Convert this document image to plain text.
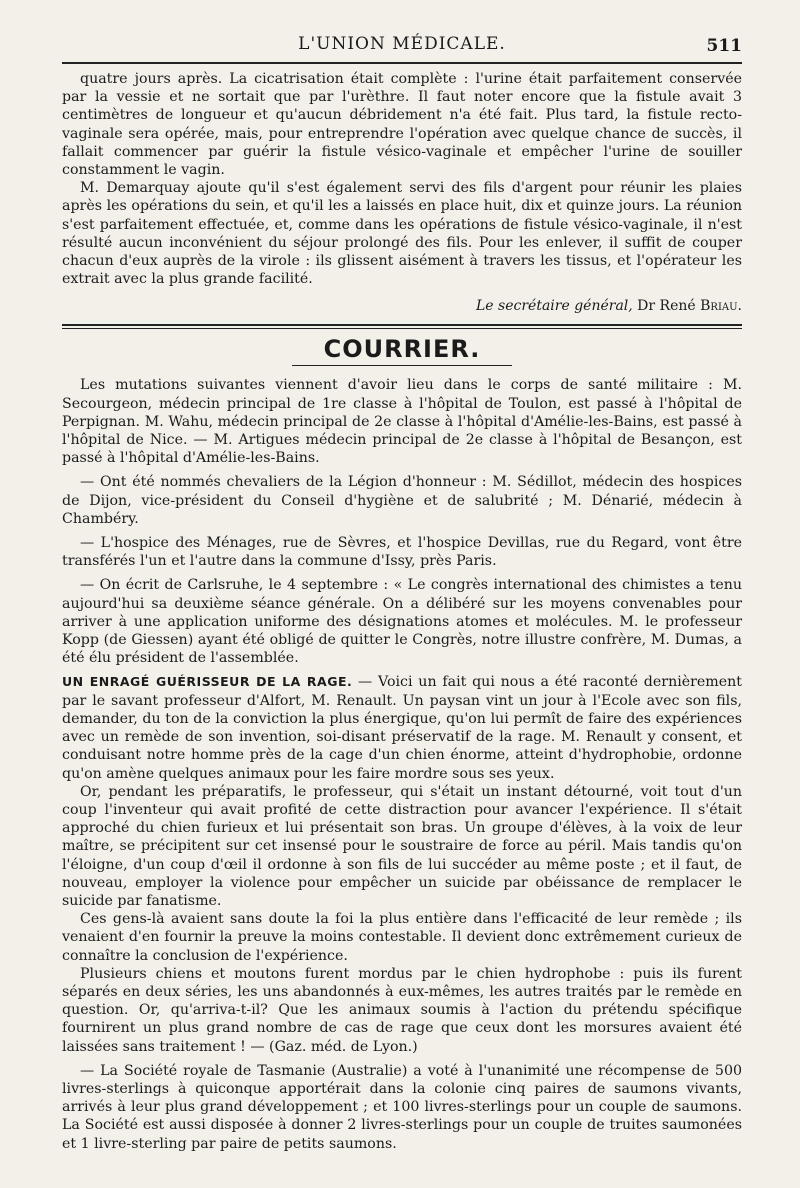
L'UNION MÉDICALE.	511

quatre jours après. La cicatrisation était complète : l'urine était parfaitement conservée par la vessie et ne sortait que par l'urèthre. Il faut noter encore que la fistule avait 3 centimètres de longueur et qu'aucun débridement n'a été fait. Plus tard, la fistule recto-vaginale sera opérée, mais, pour entreprendre l'opération avec quelque chance de succès, il fallait commencer par guérir la fistule vésico-vaginale et empêcher l'urine de souiller constamment le vagin.

M. Demarquay ajoute qu'il s'est également servi des fils d'argent pour réunir les plaies après les opérations du sein, et qu'il les a laissés en place huit, dix et quinze jours. La réunion s'est parfaitement effectuée, et, comme dans les opérations de fistule vésico-vaginale, il n'est résulté aucun inconvénient du séjour prolongé des fils. Pour les enlever, il suffit de couper chacun d'eux auprès de la virole : ils glissent aisément à travers les tissus, et l'opérateur les extrait avec la plus grande facilité.

Le secrétaire général, Dr René Briau.
COURRIER.

Les mutations suivantes viennent d'avoir lieu dans le corps de santé militaire : M. Secourgeon, médecin principal de 1re classe à l'hôpital de Toulon, est passé à l'hôpital de Perpignan. M. Wahu, médecin principal de 2e classe à l'hôpital d'Amélie-les-Bains, est passé à l'hôpital de Nice. — M. Artigues médecin principal de 2e classe à l'hôpital de Besançon, est passé à l'hôpital d'Amélie-les-Bains.

— Ont été nommés chevaliers de la Légion d'honneur : M. Sédillot, médecin des hospices de Dijon, vice-président du Conseil d'hygiène et de salubrité ; M. Dénarié, médecin à Chambéry.

— L'hospice des Ménages, rue de Sèvres, et l'hospice Devillas, rue du Regard, vont être transférés l'un et l'autre dans la commune d'Issy, près Paris.

— On écrit de Carlsruhe, le 4 septembre : « Le congrès international des chimistes a tenu aujourd'hui sa deuxième séance générale. On a délibéré sur les moyens convenables pour arriver à une application uniforme des désignations atomes et molécules. M. le professeur Kopp (de Giessen) ayant été obligé de quitter le Congrès, notre illustre confrère, M. Dumas, a été élu président de l'assemblée.

UN ENRAGÉ GUÉRISSEUR DE LA RAGE. — Voici un fait qui nous a été raconté dernièrement par le savant professeur d'Alfort, M. Renault. Un paysan vint un jour à l'Ecole avec son fils, demander, du ton de la conviction la plus énergique, qu'on lui permît de faire des expériences avec un remède de son invention, soi-disant préservatif de la rage. M. Renault y consent, et conduisant notre homme près de la cage d'un chien énorme, atteint d'hydrophobie, ordonne qu'on amène quelques animaux pour les faire mordre sous ses yeux.

Or, pendant les préparatifs, le professeur, qui s'était un instant détourné, voit tout d'un coup l'inventeur qui avait profité de cette distraction pour avancer l'expérience. Il s'était approché du chien furieux et lui présentait son bras. Un groupe d'élèves, à la voix de leur maître, se précipitent sur cet insensé pour le soustraire de force au péril. Mais tandis qu'on l'éloigne, d'un coup d'œil il ordonne à son fils de lui succéder au même poste ; et il faut, de nouveau, employer la violence pour empêcher un suicide par obéissance de remplacer le suicide par fanatisme.

Ces gens-là avaient sans doute la foi la plus entière dans l'efficacité de leur remède ; ils venaient d'en fournir la preuve la moins contestable. Il devient donc extrêmement curieux de connaître la conclusion de l'expérience.

Plusieurs chiens et moutons furent mordus par le chien hydrophobe : puis ils furent séparés en deux séries, les uns abandonnés à eux-mêmes, les autres traités par le remède en question. Or, qu'arriva-t-il? Que les animaux soumis à l'action du prétendu spécifique fournirent un plus grand nombre de cas de rage que ceux dont les morsures avaient été laissées sans traitement ! — (Gaz. méd. de Lyon.)

— La Société royale de Tasmanie (Australie) a voté à l'unanimité une récompense de 500 livres-sterlings à quiconque apportérait dans la colonie cinq paires de saumons vivants, arrivés à leur plus grand développement ; et 100 livres-sterlings pour un couple de saumons. La Société est aussi disposée à donner 2 livres-sterlings pour un couple de truites saumonées et 1 livre-sterling par paire de petits saumons.
